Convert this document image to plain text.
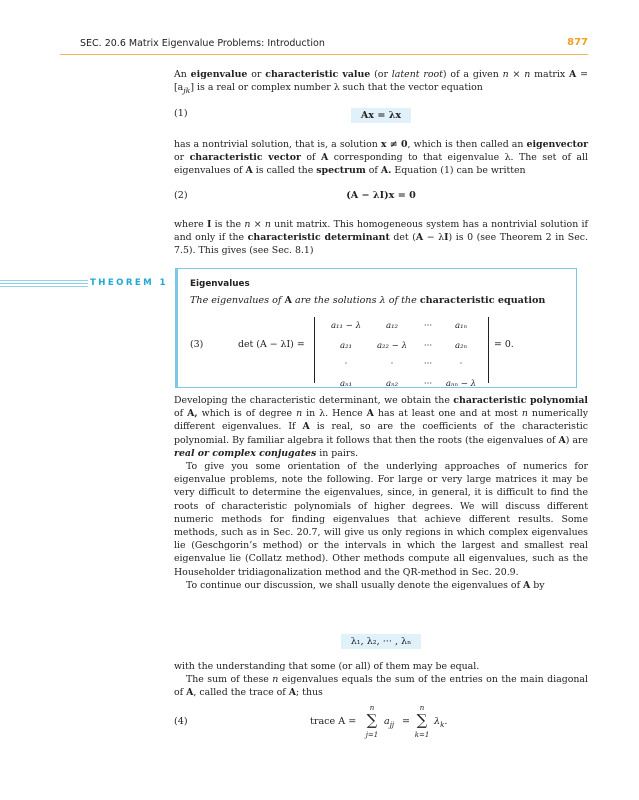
SEC. 20.6 Matrix Eigenvalue Problems: Introduction	877

An eigenvalue or characteristic value (or latent root) of a given n × n matrix $A = [a_{jk}]$ is a real or complex number λ such that the vector equation

(1)	Ax = λx

has a nontrivial solution, that is, a solution x ≠ 0, which is then called an eigenvector or characteristic vector of A corresponding to that eigenvalue λ. The set of all eigenvalues of A is called the spectrum of A. Equation (1) can be written

(2)	(A − λI)x = 0

where I is the n × n unit matrix. This homogeneous system has a nontrivial solution if and only if the characteristic determinant det (A − λI) is 0 (see Theorem 2 in Sec. 7.5). This gives (see Sec. 8.1)

THEOREM 1	Eigenvalues
The eigenvalues of A are the solutions λ of the characteristic equation
(3)	det (A − λI) =	= 0.
a₁₁ − λ	a₁₂	···	a₁ₙ
a₂₁	a₂₂ − λ	···	a₂ₙ
·	·	···	·
aₙ₁	aₙ₂	···	aₙₙ − λ

Developing the characteristic determinant, we obtain the characteristic polynomial of A, which is of degree n in λ. Hence A has at least one and at most n numerically different eigenvalues. If A is real, so are the coefficients of the characteristic polynomial. By familiar algebra it follows that then the roots (the eigenvalues of A) are real or complex conjugates in pairs.

To give you some orientation of the underlying approaches of numerics for eigenvalue problems, note the following. For large or very large matrices it may be very difficult to determine the eigenvalues, since, in general, it is difficult to find the roots of characteristic polynomials of higher degrees. We will discuss different numeric methods for finding eigenvalues that achieve different results. Some methods, such as in Sec. 20.7, will give us only regions in which complex eigenvalues lie (Geschgorin’s method) or the intervals in which the largest and smallest real eigenvalue lie (Collatz method). Other methods compute all eigenvalues, such as the Householder tridiagonalization method and the QR-method in Sec. 20.9.

To continue our discussion, we shall usually denote the eigenvalues of A by

λ₁, λ₂, ··· , λₙ

with the understanding that some (or all) of them may be equal.

The sum of these n eigenvalues equals the sum of the entries on the main diagonal of A, called the trace of A; thus

(4)	trace A =
n
∑
j=1
$a_{jj}$ =
n
∑
k=1
$\lambda_k$.
